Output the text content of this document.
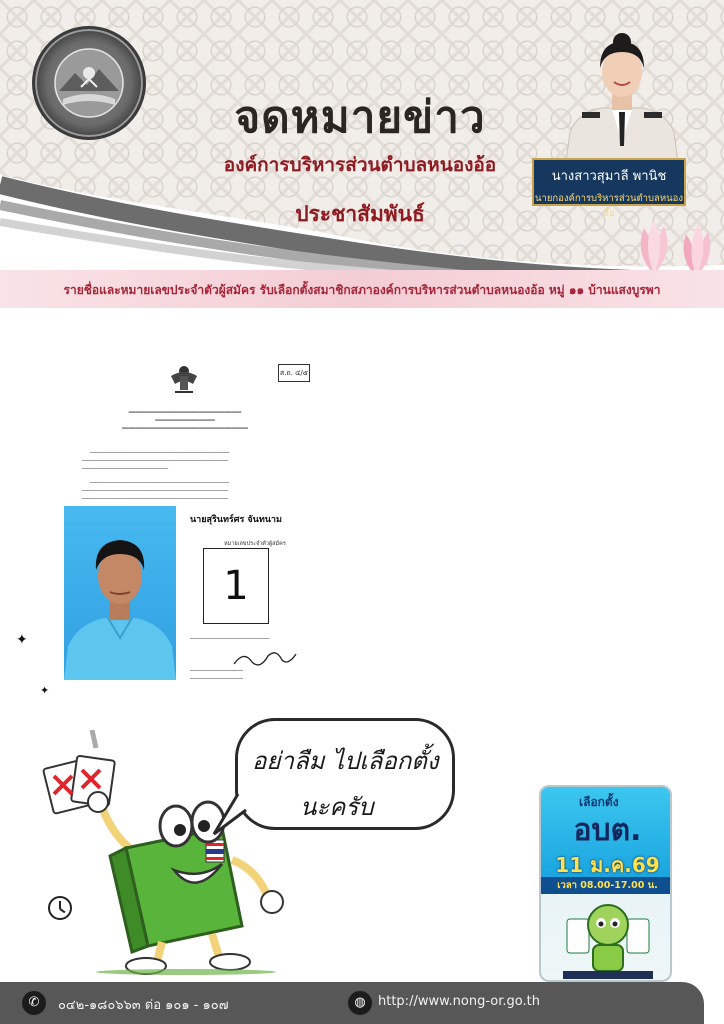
จดหมายข่าว
องค์การบริหารส่วนตำบลหนองอ้อ
ประชาสัมพันธ์
นางสาวสุมาลี พานิช
นายกองค์การบริหารส่วนตำบลหนองอ้อ
รายชื่อและหมายเลขประจำตัวผู้สมัคร รับเลือกตั้งสมาชิกสภาองค์การบริหารส่วนตำบลหนองอ้อ หมู่ ๑๑ บ้านแสงบูรพา
ส.ถ. ๔/๕
━━━━━━━━━━━━━━━━━━━━━━━━━━━━━━━━━━
━━━━━━━━━━━━━━━━━━
━━━━━━━━━━━━━━━━━━━━━━━━━━━━━━━━━━━━━━
──────────────────────────────────────────
────────────────────────────────────────────
──────────────────────────
──────────────────────────────────────────
────────────────────────────────────────────
────────────────────────────────────────────
นายสุรินทร์ศร จันทนาม
หมายเลขประจำตัวผู้สมัคร
1
────────────────────────
────────────────
────────────────
✦
✦
อย่าลืม ไปเลือกตั้ง
นะครับ	เลือกตั้ง
อบต.
11 ม.ค.69
เวลา 08.00-17.00 น.
✆	๐๔๒-๑๘๐๖๖๓ ต่อ ๑๐๑ - ๑๐๗	◍ http://www.nong-or.go.th
